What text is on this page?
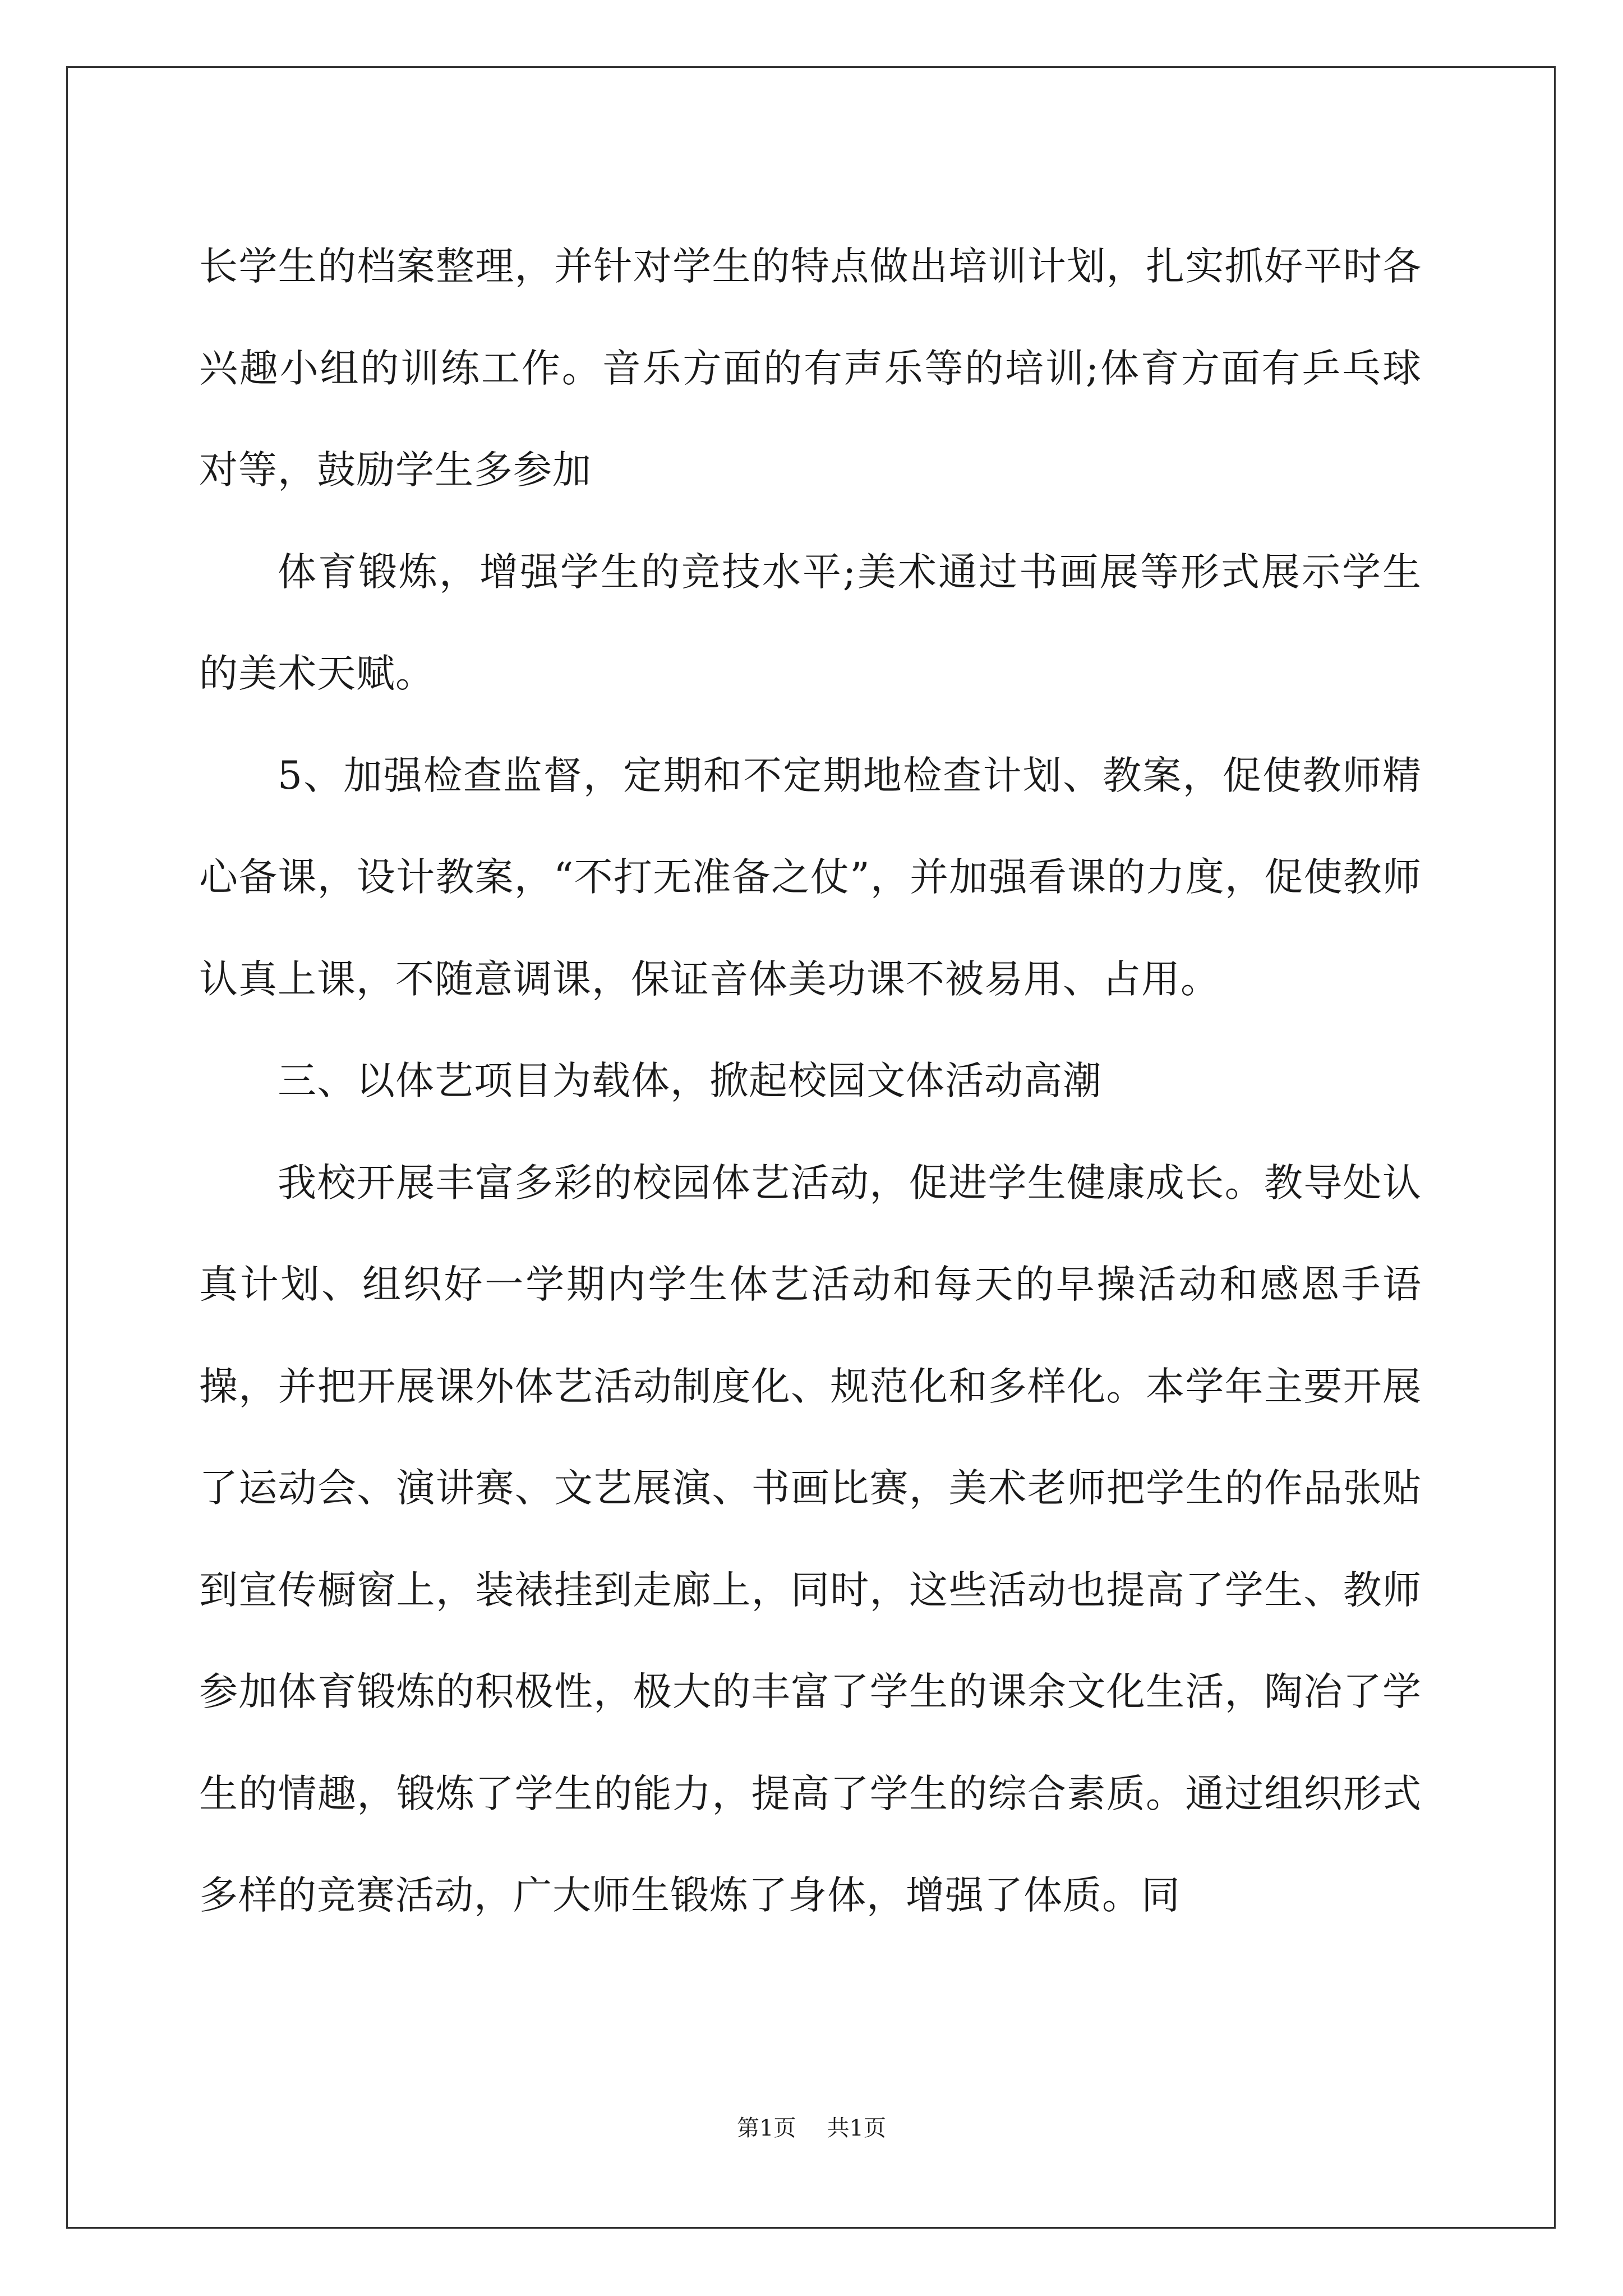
长学生的档案整理，并针对学生的特点做出培训计划，扎实抓好平时各兴趣小组的训练工作。音乐方面的有声乐等的培训;体育方面有乒乓球对等，鼓励学生多参加

体育锻炼，增强学生的竞技水平;美术通过书画展等形式展示学生的美术天赋。

5、加强检查监督，定期和不定期地检查计划、教案，促使教师精心备课，设计教案，“不打无准备之仗”，并加强看课的力度，促使教师认真上课，不随意调课，保证音体美功课不被易用、占用。

三、以体艺项目为载体，掀起校园文体活动高潮

我校开展丰富多彩的校园体艺活动，促进学生健康成长。教导处认真计划、组织好一学期内学生体艺活动和每天的早操活动和感恩手语操，并把开展课外体艺活动制度化、规范化和多样化。本学年主要开展了运动会、演讲赛、文艺展演、书画比赛，美术老师把学生的作品张贴到宣传橱窗上，装裱挂到走廊上，同时，这些活动也提高了学生、教师参加体育锻炼的积极性，极大的丰富了学生的课余文化生活，陶冶了学生的情趣，锻炼了学生的能力，提高了学生的综合素质。通过组织形式多样的竞赛活动，广大师生锻炼了身体，增强了体质。同

第1页 共1页
